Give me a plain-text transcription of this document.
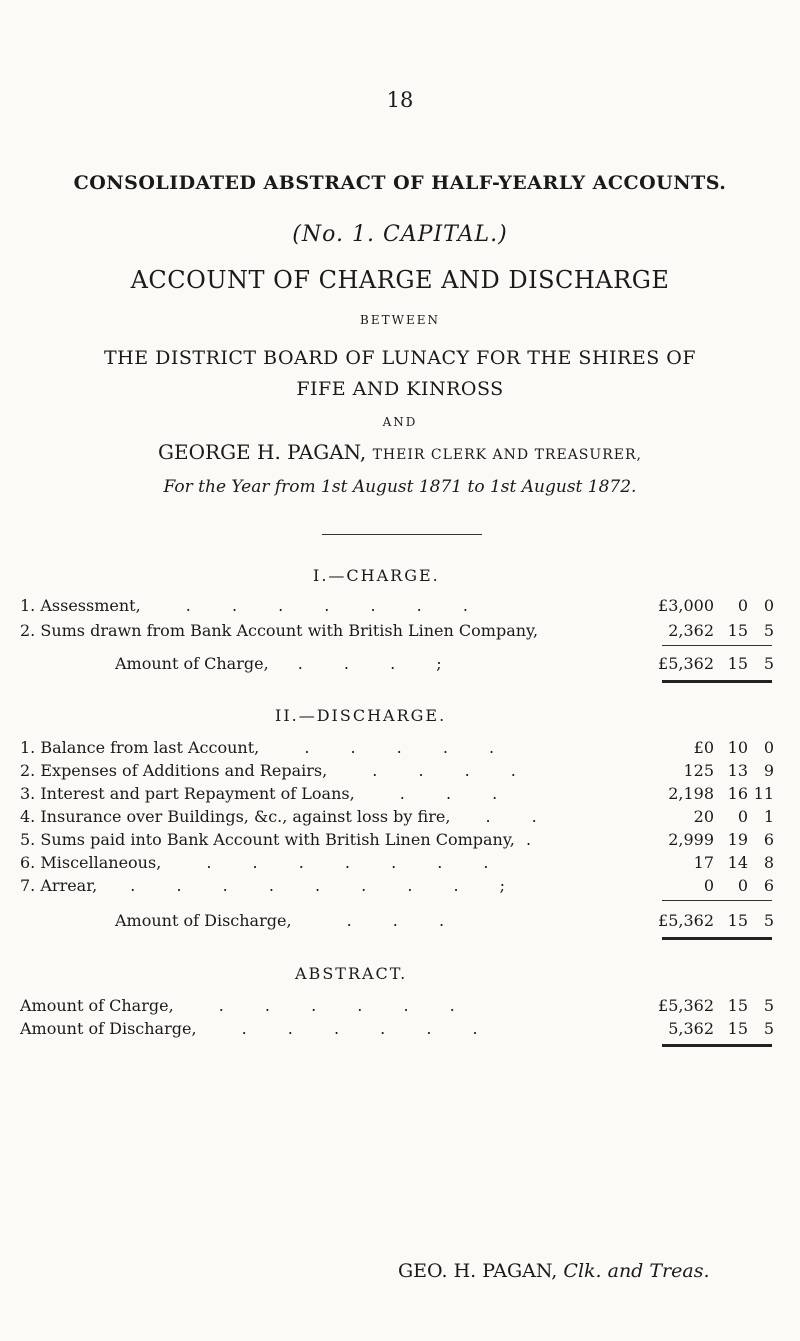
18
CONSOLIDATED ABSTRACT OF HALF-YEARLY ACCOUNTS.
(No. 1. CAPITAL.)
ACCOUNT OF CHARGE AND DISCHARGE
BETWEEN
THE DISTRICT BOARD OF LUNACY FOR THE SHIRES OF
FIFE AND KINROSS
AND
GEORGE H. PAGAN, THEIR CLERK AND TREASURER,
For the Year from 1st August 1871 to 1st August 1872.
I.—CHARGE.
1. Assessment,	. . . . . . .	£3,000 0 0
2. Sums drawn from Bank Account with British Linen Company,	2,362 15 5
Amount of Charge, . . . ;	£5,362 15 5
II.—DISCHARGE.
1. Balance from last Account,	. . . . .	£0 10 0
2. Expenses of Additions and Repairs,	. . . .	125 13 9
3. Interest and part Repayment of Loans,	. . .	2,198 16 11
4. Insurance over Buildings, &c., against loss by fire, . .	20 0 1
5. Sums paid into Bank Account with British Linen Company, .	2,999 19 6
6. Miscellaneous,	. . . . . . .	17 14 8
7. Arrear, . . . . . . . . ;	0 0 6
Amount of Discharge,	. . .	£5,362 15 5
ABSTRACT.
Amount of Charge,	. . . . . .	£5,362 15 5
Amount of Discharge,	. . . . . .	5,362 15 5
GEO. H. PAGAN, Clk. and Treas.
